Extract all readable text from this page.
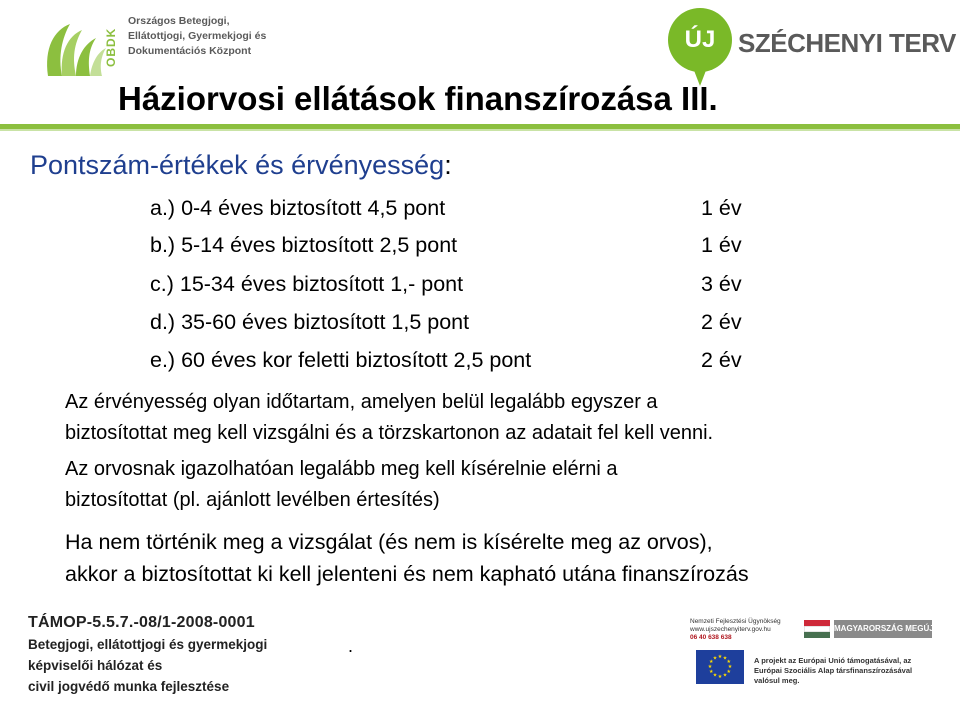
OBDK
Országos Betegjogi,
Ellátottjogi, Gyermekjogi és
Dokumentációs Központ	ÚJ SZÉCHENYI TERV
Háziorvosi ellátások finanszírozása III.
Pontszám-értékek és érvényesség:
a.) 0-4 éves biztosított 4,5 pont	1 év
b.) 5-14 éves biztosított 2,5 pont	1 év
c.) 15-34 éves biztosított 1,- pont	3 év
d.) 35-60 éves biztosított 1,5 pont	2 év
e.) 60 éves kor feletti biztosított 2,5 pont	2 év
Az érvényesség olyan időtartam, amelyen belül legalább egyszer a
biztosítottat meg kell vizsgálni és a törzskartonon az adatait fel kell venni.
Az orvosnak igazolhatóan legalább meg kell kísérelnie elérni a
biztosítottat (pl. ajánlott levélben értesítés)
Ha nem történik meg a vizsgálat (és nem is kísérelte meg az orvos),
akkor a biztosítottat ki kell jelenteni és nem kapható utána finanszírozás
TÁMOP-5.5.7.-08/1-2008-0001
Betegjogi, ellátottjogi és gyermekjogi
képviselői hálózat és
civil jogvédő munka fejlesztése
.
Nemzeti Fejlesztési Ügynökség
www.ujszechenyiterv.gov.hu
06 40 638 638
MAGYARORSZÁG MEGÚJUL
★ ★
★
★
★
★
★
★
★
★
★
★	A projekt az Európai Unió támogatásával, az Európai Szociális Alap társfinanszírozásával valósul meg.
